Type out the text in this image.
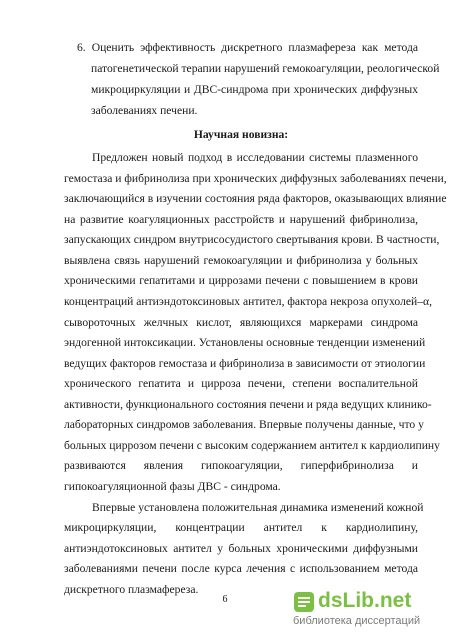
6. Оценить эффективность дискретного плазмафереза как метода
патогенетической терапии нарушений гемокоагуляции, реологической
микроциркуляции и ДВС-синдрома при хронических диффузных
заболеваниях печени.
Научная новизна:
Предложен новый подход в исследовании системы плазменного
гемостаза и фибринолиза при хронических диффузных заболеваниях печени,
заключающийся в изучении состояния ряда факторов, оказывающих влияние
на развитие коагуляционных расстройств и нарушений фибринолиза,
запускающих синдром внутрисосудистого свертывания крови. В частности,
выявлена связь нарушений гемокоагуляции и фибринолиза у больных
хроническими гепатитами и циррозами печени с повышением в крови
концентраций антиэндотоксиновых антител, фактора некроза опухолей–α,
сывороточных желчных кислот, являющихся маркерами синдрома
эндогенной интоксикации. Установлены основные тенденции изменений
ведущих факторов гемостаза и фибринолиза в зависимости от этиологии
хронического гепатита и цирроза печени, степени воспалительной
активности, функционального состояния печени и ряда ведущих клинико-
лабораторных синдромов заболевания. Впервые получены данные, что у
больных циррозом печени с высоким содержанием антител к кардиолипину
развиваются явления гипокоагуляции, гиперфибринолиза и
гипокоагуляционной фазы ДВС - синдрома.
Впервые установлена положительная динамика изменений кожной
микроциркуляции, концентрации антител к кардиолипину,
антиэндотоксиновых антител у больных хроническими диффузными
заболеваниями печени после курса лечения с использованием метода
дискретного плазмафереза.
6	dsLib.net
библиотека диссертаций
